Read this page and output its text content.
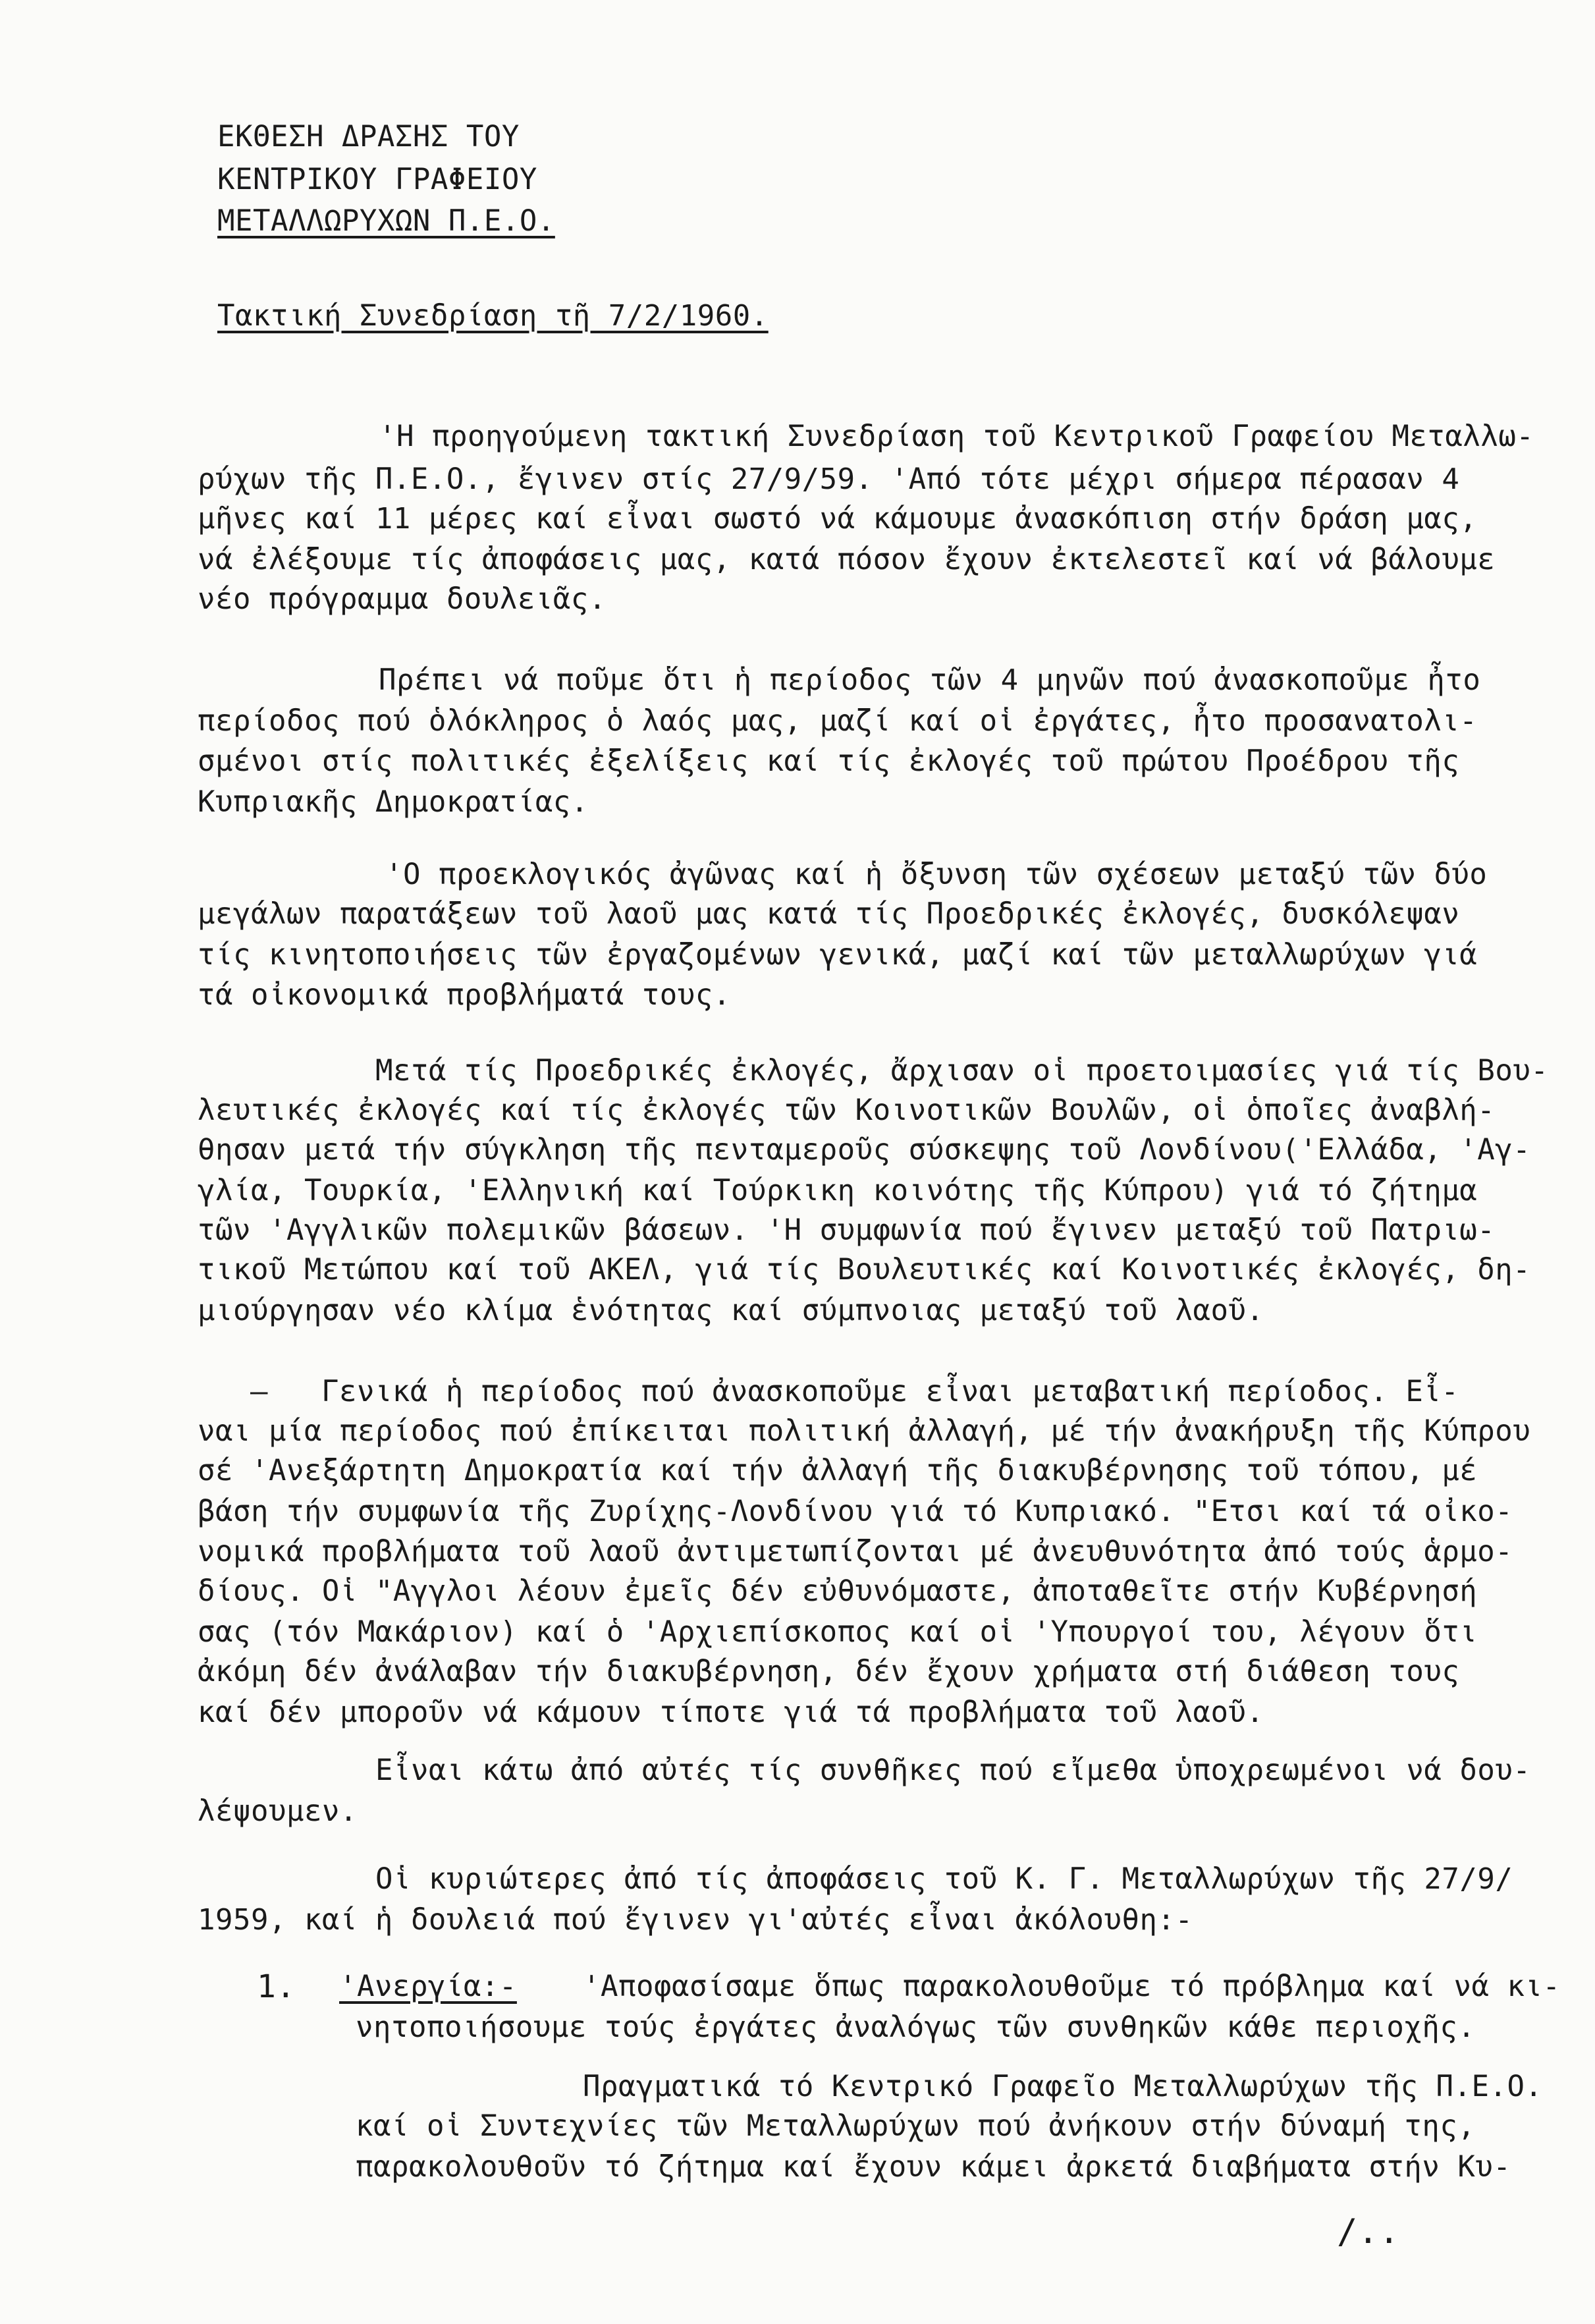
ΕΚΘΕΣΗ ΔΡΑΣΗΣ ΤΟΥ
ΚΕΝΤΡΙΚΟΥ ΓΡΑΦΕΙΟΥ
ΜΕΤΑΛΛΩΡΥΧΩΝ Π.Ε.Ο.
Τακτική Συνεδρίαση τῆ 7/2/1960.
'Η προηγούμενη τακτική Συνεδρίαση τοῦ Κεντρικοῦ Γραφείου Μεταλλω-
ρύχων τῆς Π.Ε.Ο., ἔγινεν στίς 27/9/59. 'Από τότε μέχρι σήμερα πέρασαν 4
μῆνες καί 11 μέρες καί εἶναι σωστό νά κάμουμε ἀνασκόπιση στήν δράση μας,
νά ἐλέξουμε τίς ἀποφάσεις μας, κατά πόσον ἔχουν ἐκτελεστεῖ καί νά βάλουμε
νέο πρόγραμμα δουλειᾶς.
Πρέπει νά ποῦμε ὅτι ἡ περίοδος τῶν 4 μηνῶν πού ἀνασκοποῦμε ἦτο
περίοδος πού ὁλόκληρος ὁ λαός μας, μαζί καί οἱ ἐργάτες, ἦτο προσανατολι-
σμένοι στίς πολιτικές ἐξελίξεις καί τίς ἐκλογές τοῦ πρώτου Προέδρου τῆς
Κυπριακῆς Δημοκρατίας.
'Ο προεκλογικός ἀγῶνας καί ἡ ὄξυνση τῶν σχέσεων μεταξύ τῶν δύο
μεγάλων παρατάξεων τοῦ λαοῦ μας κατά τίς Προεδρικές ἐκλογές, δυσκόλεψαν
τίς κινητοποιήσεις τῶν ἐργαζομένων γενικά, μαζί καί τῶν μεταλλωρύχων γιά
τά οἰκονομικά προβλήματά τους.
Μετά τίς Προεδρικές ἐκλογές, ἄρχισαν οἱ προετοιμασίες γιά τίς Βου-
λευτικές ἐκλογές καί τίς ἐκλογές τῶν Κοινοτικῶν Βουλῶν, οἱ ὁποῖες ἀναβλή-
θησαν μετά τήν σύγκληση τῆς πενταμεροῦς σύσκεψης τοῦ Λονδίνου('Ελλάδα, 'Αγ-
γλία, Τουρκία, 'Ελληνική καί Τούρκικη κοινότης τῆς Κύπρου) γιά τό ζήτημα
τῶν 'Αγγλικῶν πολεμικῶν βάσεων. 'Η συμφωνία πού ἔγινεν μεταξύ τοῦ Πατριω-
τικοῦ Μετώπου καί τοῦ ΑΚΕΛ, γιά τίς Βουλευτικές καί Κοινοτικές ἐκλογές, δη-
μιούργησαν νέο κλίμα ἑνότητας καί σύμπνοιας μεταξύ τοῦ λαοῦ.
—   Γενικά ἡ περίοδος πού ἀνασκοποῦμε εἶναι μεταβατική περίοδος. Εἶ-
ναι μία περίοδος πού ἐπίκειται πολιτική ἀλλαγή, μέ τήν ἀνακήρυξη τῆς Κύπρου
σέ 'Ανεξάρτητη Δημοκρατία καί τήν ἀλλαγή τῆς διακυβέρνησης τοῦ τόπου, μέ
βάση τήν συμφωνία τῆς Ζυρίχης-Λονδίνου γιά τό Κυπριακό. "Ετσι καί τά οἰκο-
νομικά προβλήματα τοῦ λαοῦ ἀντιμετωπίζονται μέ ἀνευθυνότητα ἀπό τούς ἁρμο-
δίους. Οἱ "Αγγλοι λέουν ἐμεῖς δέν εὐθυνόμαστε, ἀποταθεῖτε στήν Κυβέρνησή
σας (τόν Μακάριον) καί ὁ 'Αρχιεπίσκοπος καί οἱ 'Υπουργοί του, λέγουν ὅτι
ἀκόμη δέν ἀνάλαβαν τήν διακυβέρνηση, δέν ἔχουν χρήματα στή διάθεση τους
καί δέν μποροῦν νά κάμουν τίποτε γιά τά προβλήματα τοῦ λαοῦ.
Εἶναι κάτω ἀπό αὐτές τίς συνθῆκες πού εἴμεθα ὑποχρεωμένοι νά δου-
λέψουμεν.
Οἱ κυριώτερες ἀπό τίς ἀποφάσεις τοῦ Κ. Γ. Μεταλλωρύχων τῆς 27/9/
1959, καί ἡ δουλειά πού ἔγινεν γι'αὐτές εἶναι ἀκόλουθη:-
1. 'Ανεργία:- 'Αποφασίσαμε ὅπως παρακολουθοῦμε τό πρόβλημα καί νά κι-
νητοποιήσουμε τούς ἐργάτες ἀναλόγως τῶν συνθηκῶν κάθε περιοχῆς.
Πραγματικά τό Κεντρικό Γραφεῖο Μεταλλωρύχων τῆς Π.Ε.Ο.
καί οἱ Συντεχνίες τῶν Μεταλλωρύχων πού ἀνήκουν στήν δύναμή της,
παρακολουθοῦν τό ζήτημα καί ἔχουν κάμει ἀρκετά διαβήματα στήν Κυ-
/..
